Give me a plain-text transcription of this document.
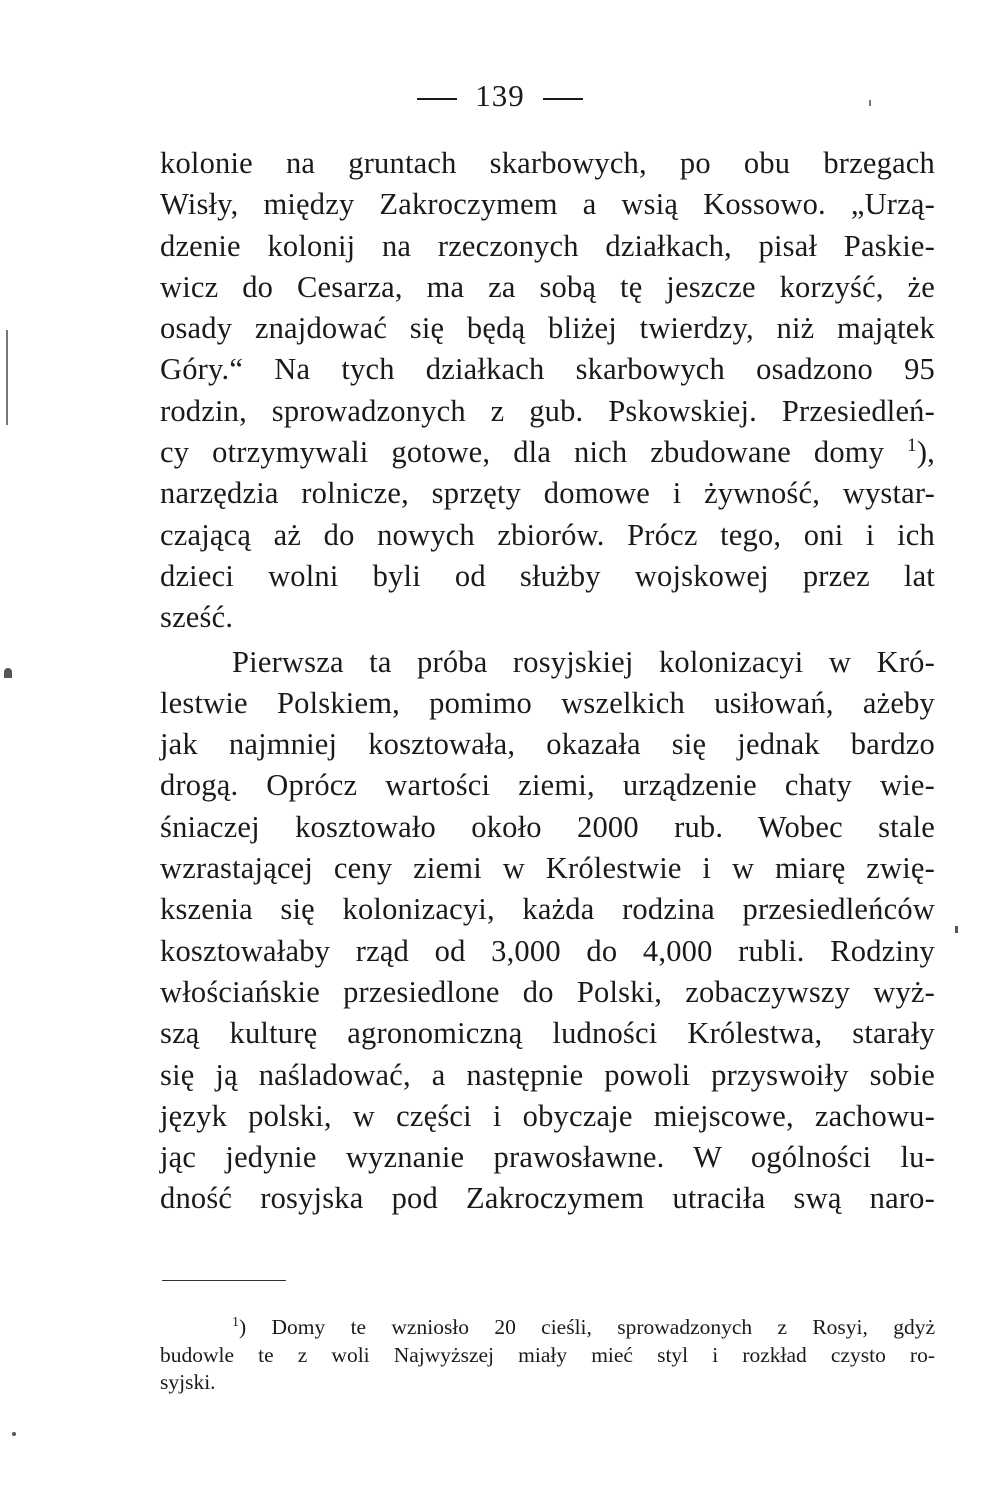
139
kolonie na gruntach skarbowych, po obu brzegach
Wisły, między Zakroczymem a wsią Kossowo. „Urzą-
dzenie kolonij na rzeczonych działkach, pisał Paskie-
wicz do Cesarza, ma za sobą tę jeszcze korzyść, że
osady znajdować się będą bliżej twierdzy, niż majątek
Góry.“ Na tych działkach skarbowych osadzono 95
rodzin, sprowadzonych z gub. Pskowskiej. Przesiedleń-
cy otrzymywali gotowe, dla nich zbudowane domy $^1$),
narzędzia rolnicze, sprzęty domowe i żywność, wystar-
czającą aż do nowych zbiorów. Prócz tego, oni i ich
dzieci wolni byli od służby wojskowej przez lat
sześć.
Pierwsza ta próba rosyjskiej kolonizacyi w Kró-
lestwie Polskiem, pomimo wszelkich usiłowań, ażeby
jak najmniej kosztowała, okazała się jednak bardzo
drogą. Oprócz wartości ziemi, urządzenie chaty wie-
śniaczej kosztowało około 2000 rub. Wobec stale
wzrastającej ceny ziemi w Królestwie i w miarę zwię-
kszenia się kolonizacyi, każda rodzina przesiedleńców
kosztowałaby rząd od 3,000 do 4,000 rubli. Rodziny
włościańskie przesiedlone do Polski, zobaczywszy wyż-
szą kulturę agronomiczną ludności Królestwa, starały
się ją naśladować, a następnie powoli przyswoiły sobie
język polski, w części i obyczaje miejscowe, zachowu-
jąc jedynie wyznanie prawosławne. W ogólności lu-
dność rosyjska pod Zakroczymem utraciła swą naro-
$^1$) Domy te wzniosło 20 cieśli, sprowadzonych z Rosyi, gdyż
budowle te z woli Najwyższej miały mieć styl i rozkład czysto ro-
syjski.
